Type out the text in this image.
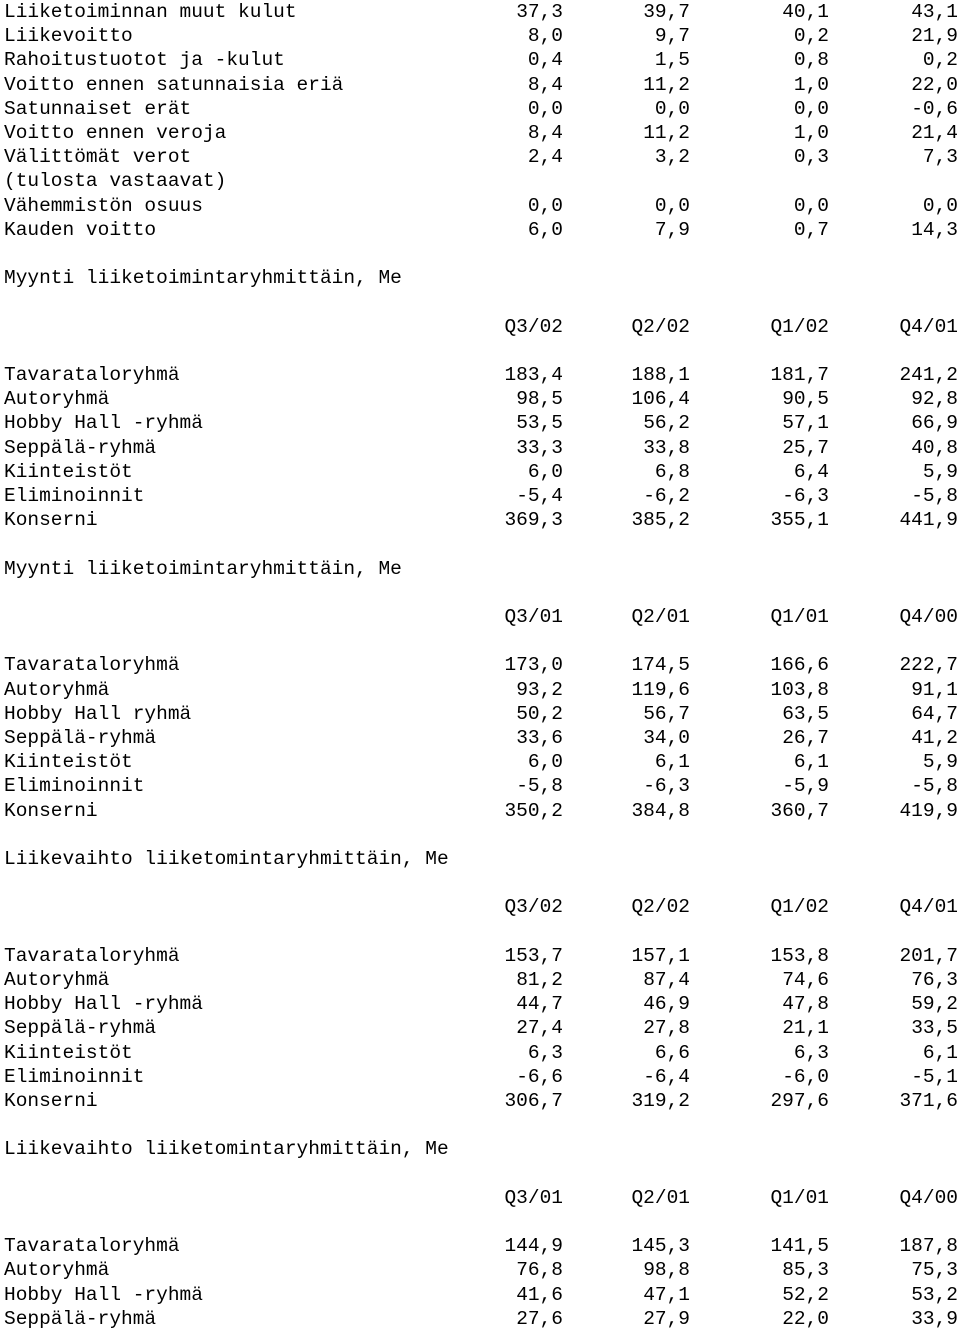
Liiketoiminnan muut kulut	37,3	39,7	40,1	43,1
Liikevoitto	8,0	9,7	0,2	21,9
Rahoitustuotot ja -kulut	0,4	1,5	0,8	0,2
Voitto ennen satunnaisia eriä	8,4	11,2	1,0	22,0
Satunnaiset erät	0,0	0,0	0,0	-0,6
Voitto ennen veroja	8,4	11,2	1,0	21,4
Välittömät verot	2,4	3,2	0,3	7,3
(tulosta vastaavat)
Vähemmistön osuus	0,0	0,0	0,0	0,0
Kauden voitto	6,0	7,9	0,7	14,3
Myynti liiketoimintaryhmittäin, Me
Q3/02	Q2/02	Q1/02	Q4/01
Tavarataloryhmä	183,4	188,1	181,7	241,2
Autoryhmä	98,5	106,4	90,5	92,8
Hobby Hall -ryhmä	53,5	56,2	57,1	66,9
Seppälä-ryhmä	33,3	33,8	25,7	40,8
Kiinteistöt	6,0	6,8	6,4	5,9
Eliminoinnit	-5,4	-6,2	-6,3	-5,8
Konserni	369,3	385,2	355,1	441,9
Myynti liiketoimintaryhmittäin, Me
Q3/01	Q2/01	Q1/01	Q4/00
Tavarataloryhmä	173,0	174,5	166,6	222,7
Autoryhmä	93,2	119,6	103,8	91,1
Hobby Hall ryhmä	50,2	56,7	63,5	64,7
Seppälä-ryhmä	33,6	34,0	26,7	41,2
Kiinteistöt	6,0	6,1	6,1	5,9
Eliminoinnit	-5,8	-6,3	-5,9	-5,8
Konserni	350,2	384,8	360,7	419,9
Liikevaihto liiketomintaryhmittäin, Me
Q3/02	Q2/02	Q1/02	Q4/01
Tavarataloryhmä	153,7	157,1	153,8	201,7
Autoryhmä	81,2	87,4	74,6	76,3
Hobby Hall -ryhmä	44,7	46,9	47,8	59,2
Seppälä-ryhmä	27,4	27,8	21,1	33,5
Kiinteistöt	6,3	6,6	6,3	6,1
Eliminoinnit	-6,6	-6,4	-6,0	-5,1
Konserni	306,7	319,2	297,6	371,6
Liikevaihto liiketomintaryhmittäin, Me
Q3/01	Q2/01	Q1/01	Q4/00
Tavarataloryhmä	144,9	145,3	141,5	187,8
Autoryhmä	76,8	98,8	85,3	75,3
Hobby Hall -ryhmä	41,6	47,1	52,2	53,2
Seppälä-ryhmä	27,6	27,9	22,0	33,9
